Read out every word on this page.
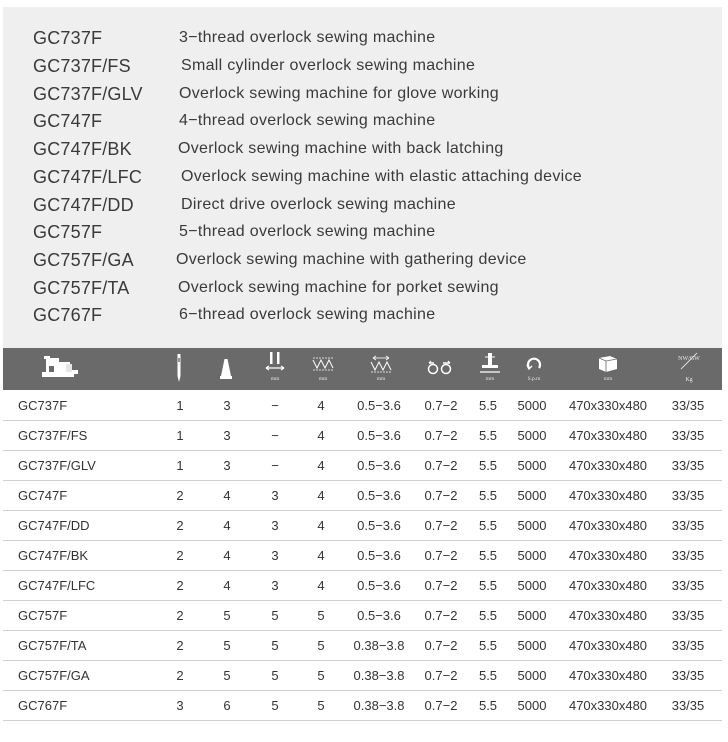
GC737F	3−thread overlock sewing machine
GC737F/FS	Small cylinder overlock sewing machine
GC737F/GLV Overlock sewing machine for glove working
GC747F	4−thread overlock sewing machine
GC747F/BK	Overlock sewing machine with back latching
GC747F/LFC Overlock sewing machine with elastic attaching device
GC747F/DD	Direct drive overlock sewing machine
GC757F	5−thread overlock sewing machine
GC757F/GA	Overlock sewing machine with gathering device
GC757F/TA	Overlock sewing machine for porket sewing
GC767F	6−thread overlock sewing machine
mm	mm	mm	mm	S.p.m	mm
NW/GW
Kg
GC737F	1	3	−	4	0.5−3.6 0.7−2 5.5 5000 470x330x480 33/35
GC737F/FS	1	3	−	4	0.5−3.6 0.7−2 5.5 5000 470x330x480 33/35
GC737F/GLV	1	3	−	4	0.5−3.6 0.7−2 5.5 5000 470x330x480 33/35
GC747F	2	4	3	4	0.5−3.6 0.7−2 5.5 5000 470x330x480 33/35
GC747F/DD	2	4	3	4	0.5−3.6 0.7−2 5.5 5000 470x330x480 33/35
GC747F/BK	2	4	3	4	0.5−3.6 0.7−2 5.5 5000 470x330x480 33/35
GC747F/LFC	2	4	3	4	0.5−3.6 0.7−2 5.5 5000 470x330x480 33/35
GC757F	2	5	5	5	0.5−3.6 0.7−2 5.5 5000 470x330x480 33/35
GC757F/TA	2	5	5	5 0.38−3.8 0.7−2 5.5 5000 470x330x480 33/35
GC757F/GA	2	5	5	5 0.38−3.8 0.7−2 5.5 5000 470x330x480 33/35
GC767F	3	6	5	5 0.38−3.8 0.7−2 5.5 5000 470x330x480 33/35
